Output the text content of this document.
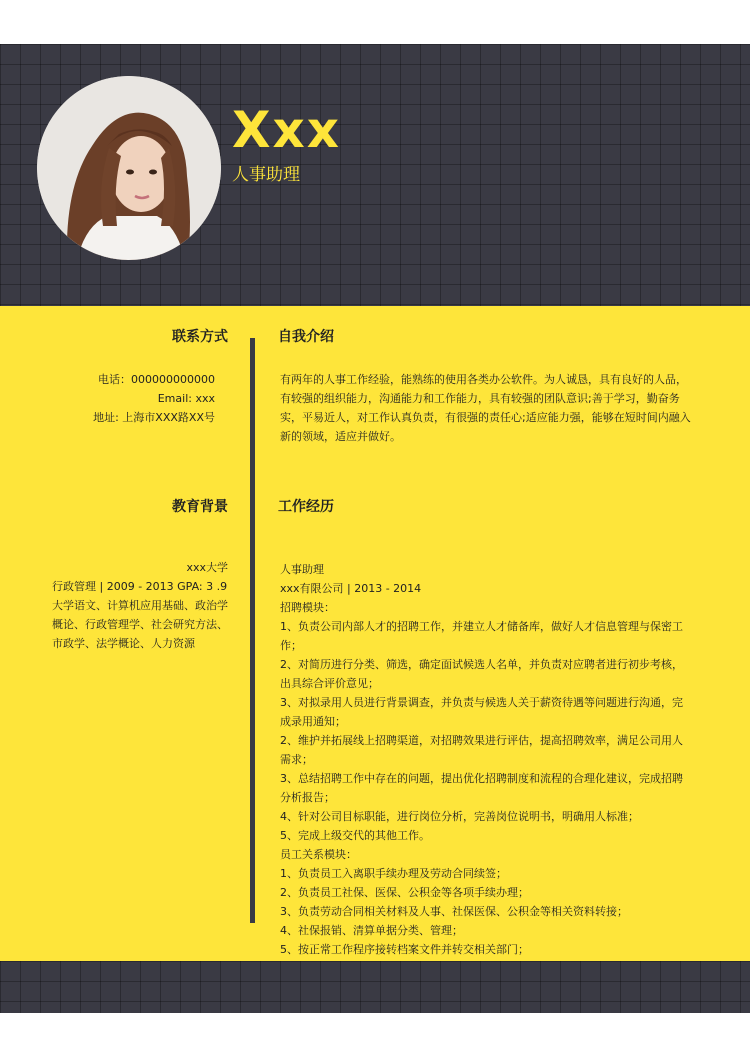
Xxx
人事助理
联系方式
电话：000000000000
Email: xxx
地址: 上海市XXX路XX号
教育背景
xxx大学
行政管理 | 2009 - 2013 GPA: 3 .9
大学语文、计算机应用基础、政治学概论、行政管理学、社会研究方法、市政学、法学概论、人力资源
自我介绍
有两年的人事工作经验，能熟练的使用各类办公软件。为人诚恳，具有良好的人品，有较强的组织能力，沟通能力和工作能力，具有较强的团队意识;善于学习，勤奋务实，平易近人，对工作认真负责，有很强的责任心;适应能力强，能够在短时间内融入新的领域，适应并做好。
工作经历
人事助理
xxx有限公司 | 2013 - 2014
招聘模块：
1、负责公司内部人才的招聘工作，并建立人才储备库，做好人才信息管理与保密工作；
2、对简历进行分类、筛选，确定面试候选人名单，并负责对应聘者进行初步考核，出具综合评价意见；
3、对拟录用人员进行背景调查，并负责与候选人关于薪资待遇等问题进行沟通，完成录用通知；
2、维护并拓展线上招聘渠道，对招聘效果进行评估，提高招聘效率，满足公司用人需求；
3、总结招聘工作中存在的问题，提出优化招聘制度和流程的合理化建议，完成招聘分析报告；
4、针对公司目标职能，进行岗位分析，完善岗位说明书，明确用人标准；
5、完成上级交代的其他工作。
员工关系模块：
1、负责员工入离职手续办理及劳动合同续签；
2、负责员工社保、医保、公积金等各项手续办理；
3、负责劳动合同相关材料及人事、社保医保、公积金等相关资料转接；
4、社保报销、清算单据分类、管理；
5、按正常工作程序接转档案文件并转交相关部门；
